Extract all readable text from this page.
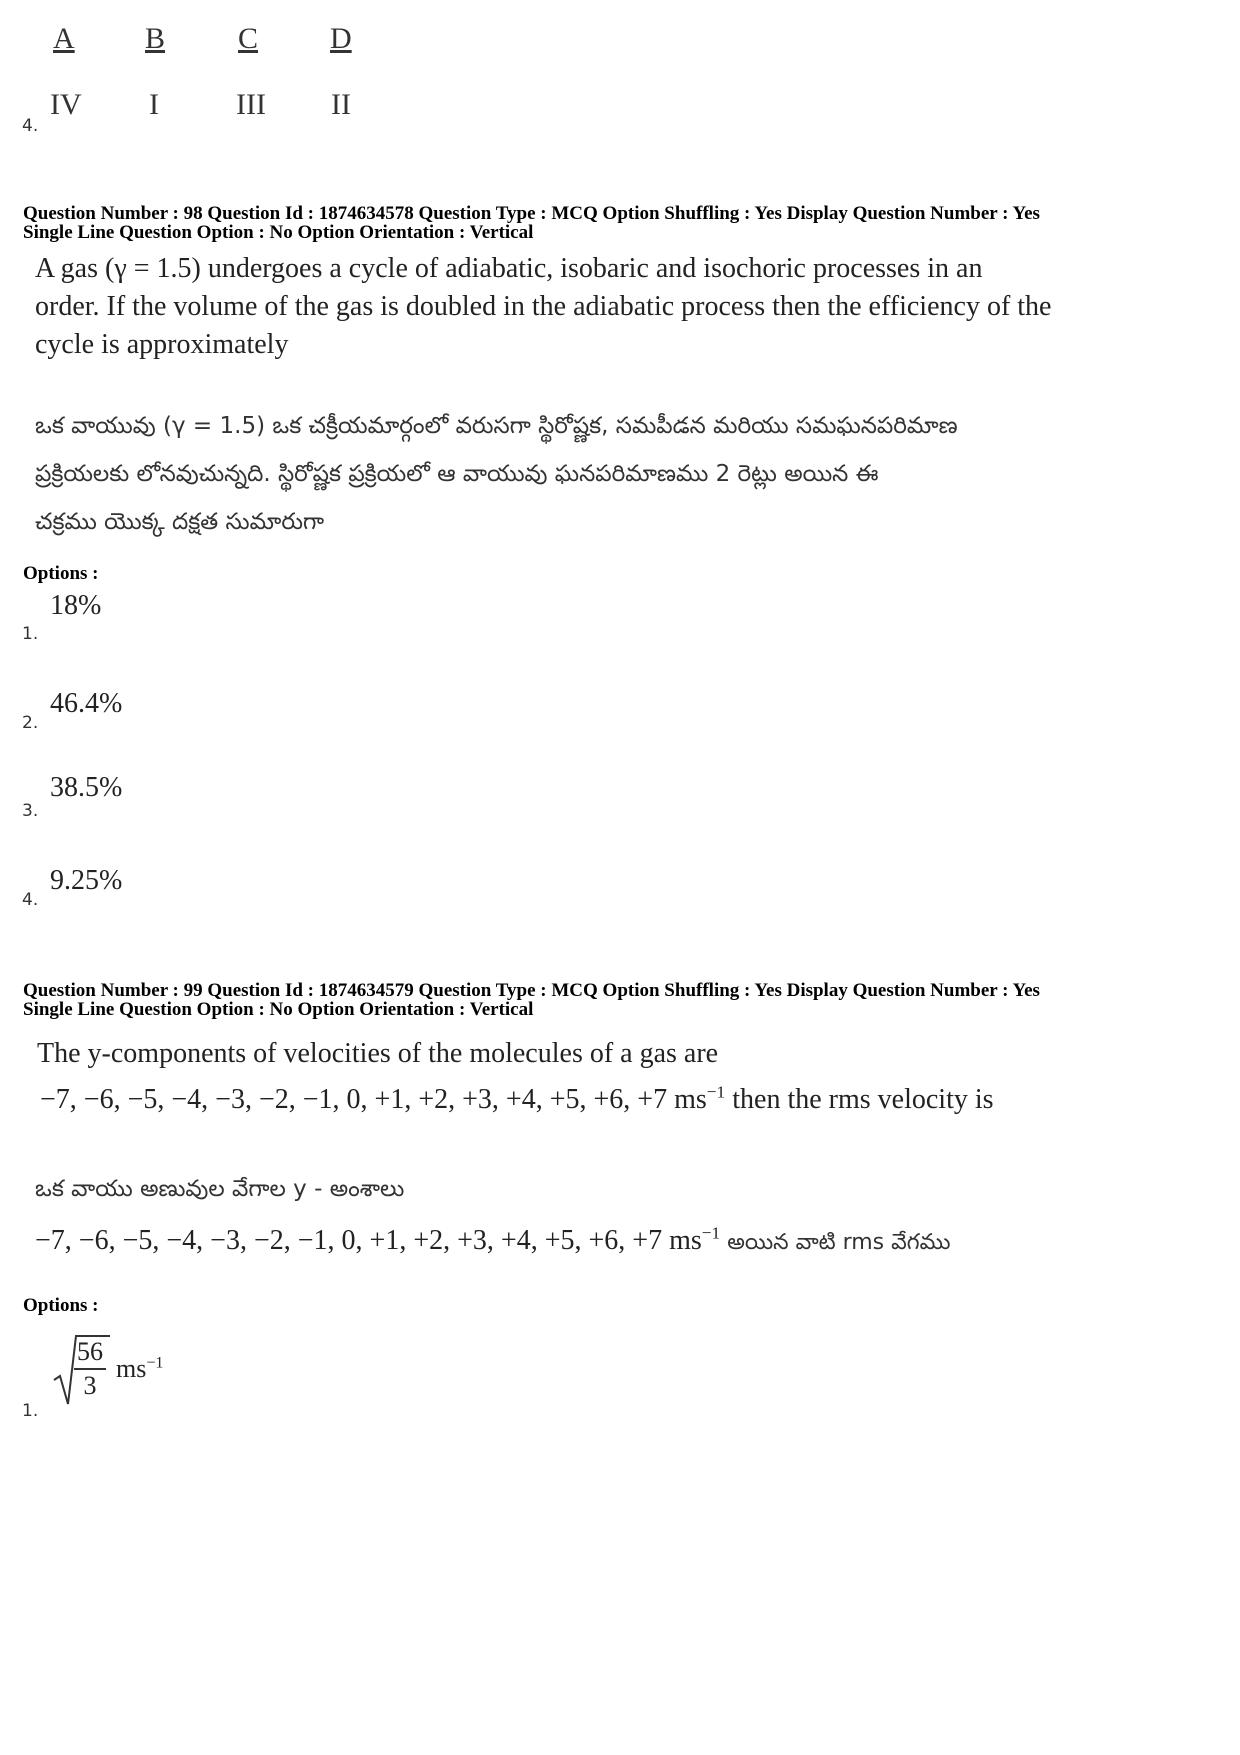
A B C D
4.
IV I	III II
Question Number : 98 Question Id : 1874634578 Question Type : MCQ Option Shuffling : Yes Display Question Number : Yes
Single Line Question Option : No Option Orientation : Vertical
A gas (γ = 1.5) undergoes a cycle of adiabatic, isobaric and isochoric processes in an
order. If the volume of the gas is doubled in the adiabatic process then the efficiency of the
cycle is approximately
ఒక వాయువు (γ = 1.5) ఒక చక్రీయమార్గంలో వరుసగా స్థిరోష్ణక, సమపీడన మరియు సమఘనపరిమాణ
ప్రక్రియలకు లోనవుచున్నది. స్థిరోష్ణక ప్రక్రియలో ఆ వాయువు ఘనపరిమాణము 2 రెట్లు అయిన ఈ
చక్రము యొక్క దక్షత సుమారుగా
Options :
1.
18%
2.
46.4%
3.
38.5%
4.
9.25%
Question Number : 99 Question Id : 1874634579 Question Type : MCQ Option Shuffling : Yes Display Question Number : Yes
Single Line Question Option : No Option Orientation : Vertical
The y-components of velocities of the molecules of a gas are
−7, −6, −5, −4, −3, −2, −1, 0, +1, +2, +3, +4, +5, +6, +7 $ms^{-1}$ then the rms velocity is
ఒక వాయు అణువుల వేగాల y - అంశాలు
−7, −6, −5, −4, −3, −2, −1, 0, +1, +2, +3, +4, +5, +6, +7 $ms^{-1}$ అయిన వాటి rms వేగము
Options :
1.
$\frac{56}{3} ms^{-1}$
